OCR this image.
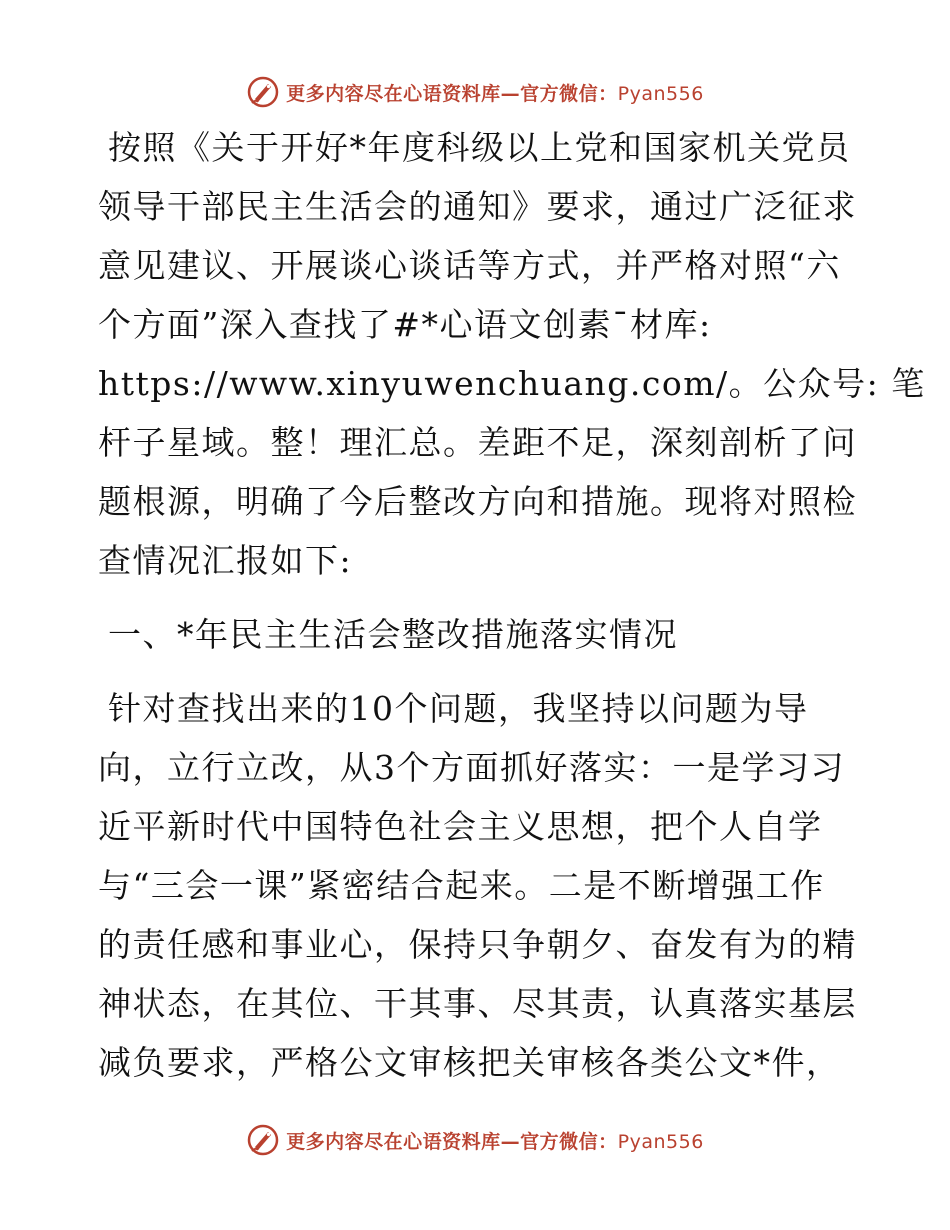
更多内容尽在心语资料库—官方微信：Pyan556

按照《关于开好*年度科级以上党和国家机关党员
领导干部民主生活会的通知》要求，通过广泛征求
意见建议、开展谈心谈话等方式，并严格对照“六
个方面”深入查找了#*心语文创素¯材库:
https://www.xinyuwenchuang.com/。公众号: 笔
杆子星域。整！理汇总。差距不足，深刻剖析了问
题根源，明确了今后整改方向和措施。现将对照检
查情况汇报如下:

一、*年民主生活会整改措施落实情况

针对查找出来的10个问题，我坚持以问题为导
向，立行立改，从3个方面抓好落实：一是学习习
近平新时代中国特色社会主义思想，把个人自学
与“三会一课”紧密结合起来。二是不断增强工作
的责任感和事业心，保持只争朝夕、奋发有为的精
神状态，在其位、干其事、尽其责，认真落实基层
减负要求，严格公文审核把关审核各类公文*件，

更多内容尽在心语资料库—官方微信：Pyan556
